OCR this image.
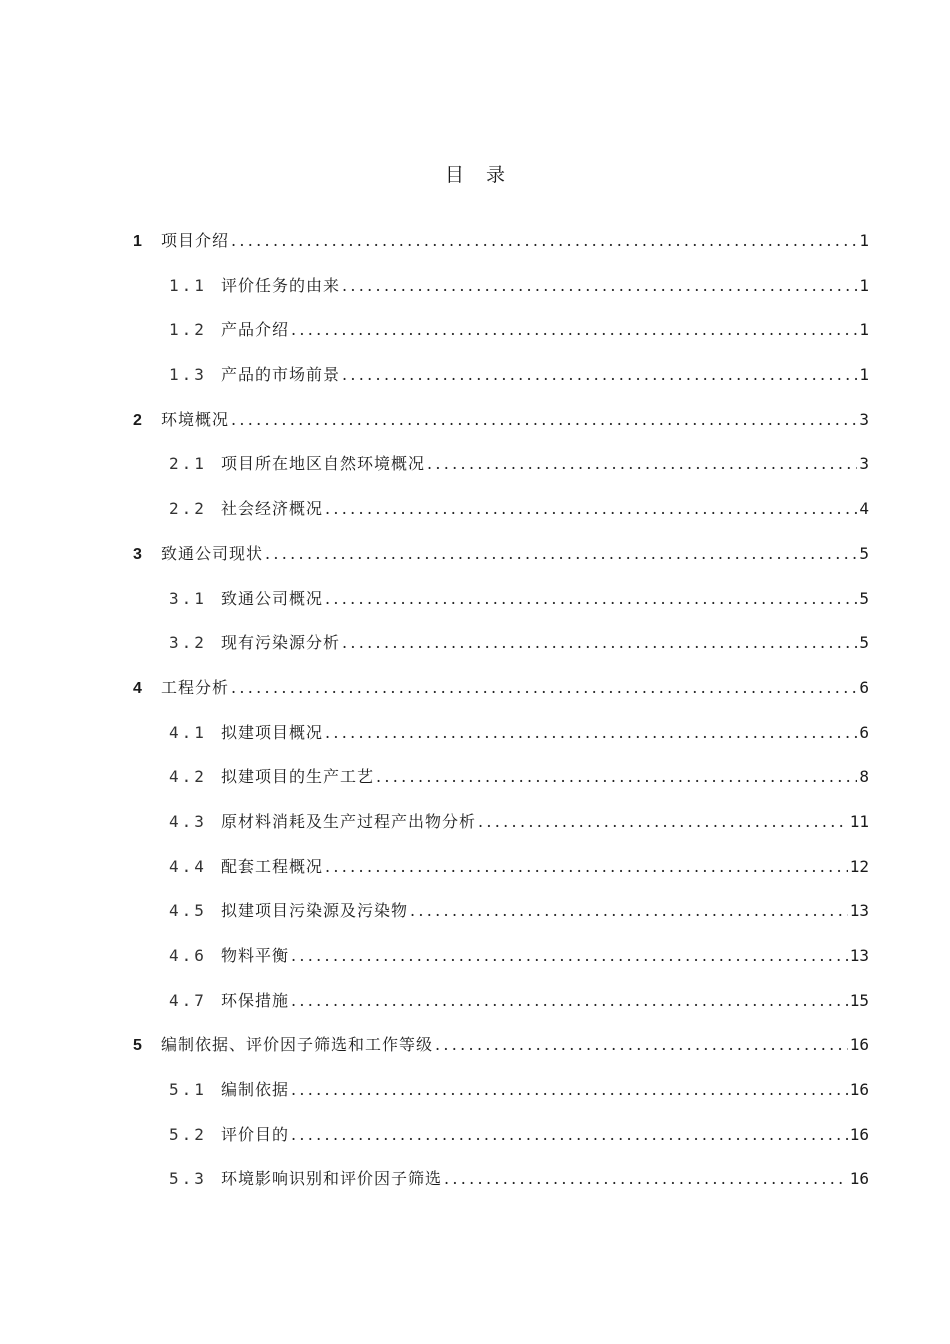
目录
1	项目介绍 .....	1
1.1 评价任务的由来 .....	1
1.2 产品介绍 .....	1
1.3 产品的市场前景 .....	1
2	环境概况 .....	3
2.1 项目所在地区自然环境概况 .....	3
2.2 社会经济概况 .....	4
3	致通公司现状 .....	5
3.1 致通公司概况 .....	5
3.2 现有污染源分析 .....	5
4	工程分析 .....	6
4.1 拟建项目概况 .....	6
4.2 拟建项目的生产工艺 .....	8
4.3 原材料消耗及生产过程产出物分析 .....	11
4.4 配套工程概况 .....	12
4.5 拟建项目污染源及污染物 .....	13
4.6 物料平衡 .....	13
4.7 环保措施 .....	15
5	编制依据、评价因子筛选和工作等级 .....	16
5.1 编制依据 .....	16
5.2 评价目的 .....	16
5.3 环境影响识别和评价因子筛选 .....	16
